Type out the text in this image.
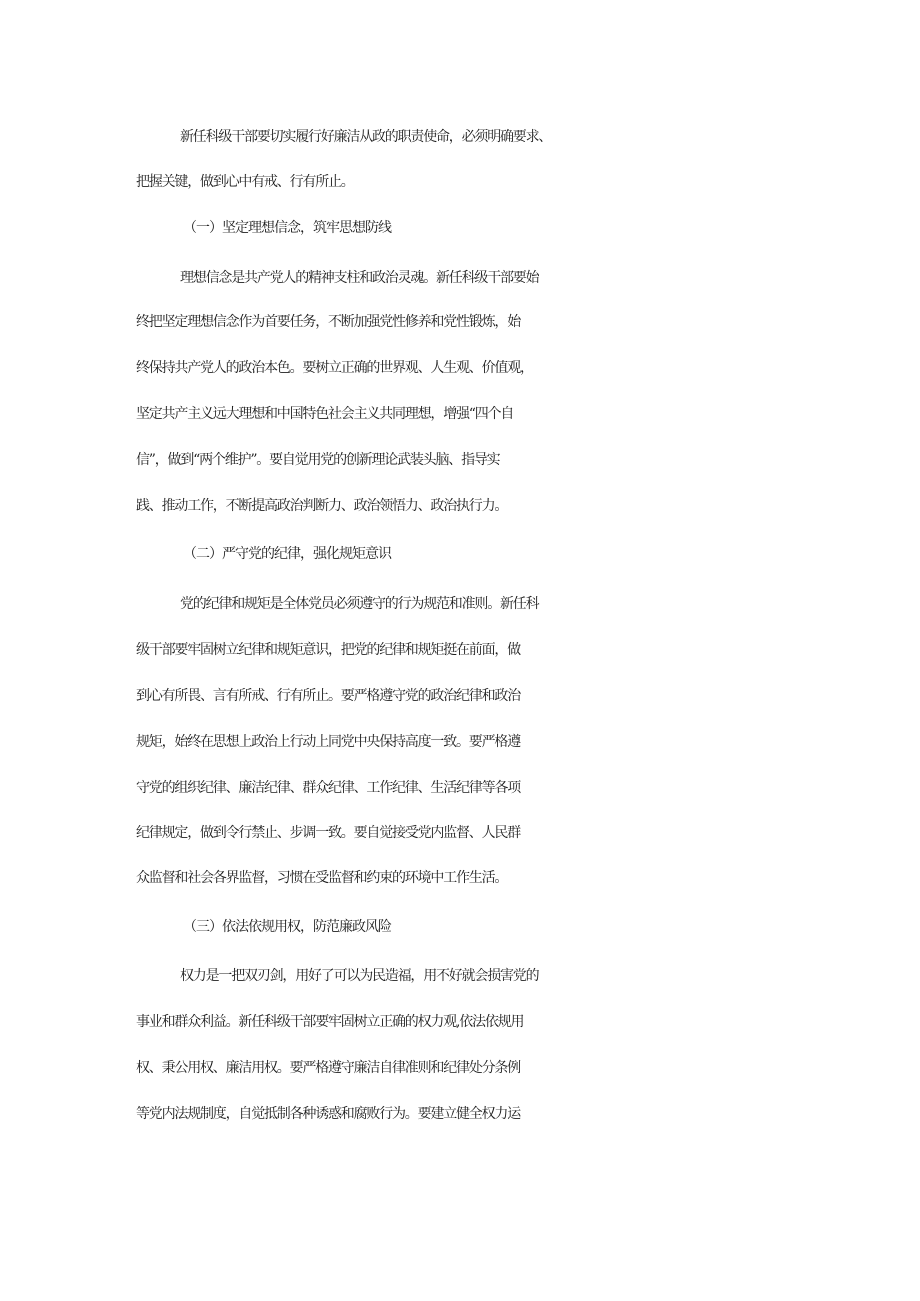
新任科级干部要切实履行好廉洁从政的职责使命，必须明确要求、
把握关键，做到心中有戒、行有所止。
（一）坚定理想信念，筑牢思想防线
理想信念是共产党人的精神支柱和政治灵魂。新任科级干部要始
终把坚定理想信念作为首要任务，不断加强党性修养和党性锻炼，始
终保持共产党人的政治本色。要树立正确的世界观、人生观、价值观，
坚定共产主义远大理想和中国特色社会主义共同理想，增强“四个自
信”，做到“两个维护”。要自觉用党的创新理论武装头脑、指导实
践、推动工作，不断提高政治判断力、政治领悟力、政治执行力。
（二）严守党的纪律，强化规矩意识
党的纪律和规矩是全体党员必须遵守的行为规范和准则。新任科
级干部要牢固树立纪律和规矩意识，把党的纪律和规矩挺在前面，做
到心有所畏、言有所戒、行有所止。要严格遵守党的政治纪律和政治
规矩，始终在思想上政治上行动上同党中央保持高度一致。要严格遵
守党的组织纪律、廉洁纪律、群众纪律、工作纪律、生活纪律等各项
纪律规定，做到令行禁止、步调一致。要自觉接受党内监督、人民群
众监督和社会各界监督，习惯在受监督和约束的环境中工作生活。
（三）依法依规用权，防范廉政风险
权力是一把双刃剑，用好了可以为民造福，用不好就会损害党的
事业和群众利益。新任科级干部要牢固树立正确的权力观,依法依规用
权、秉公用权、廉洁用权。要严格遵守廉洁自律准则和纪律处分条例
等党内法规制度，自觉抵制各种诱惑和腐败行为。要建立健全权力运
